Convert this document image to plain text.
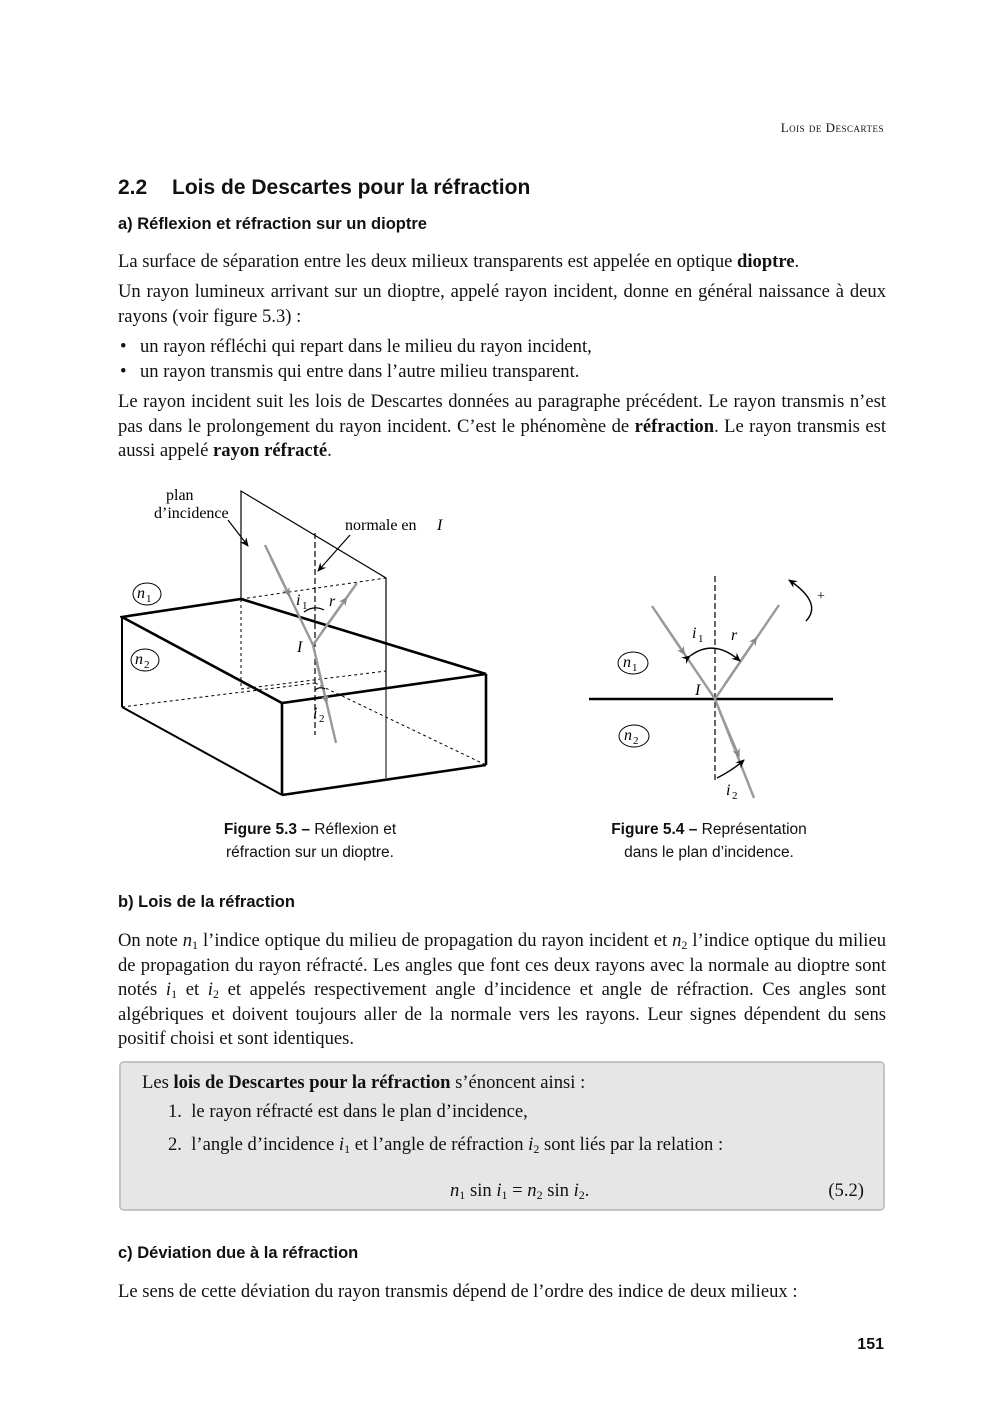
Lois de Descartes
2.2 Lois de Descartes pour la réfraction
a) Réflexion et réfraction sur un dioptre
La surface de séparation entre les deux milieux transparents est appelée en optique dioptre.
Un rayon lumineux arrivant sur un dioptre, appelé rayon incident, donne en général naissance à deux rayons (voir figure 5.3) :
• un rayon réfléchi qui repart dans le milieu du rayon incident,
• un rayon transmis qui entre dans l’autre milieu transparent.
Le rayon incident suit les lois de Descartes données au paragraphe précédent. Le rayon transmis n’est pas dans le prolongement du rayon incident. C’est le phénomène de réfraction. Le rayon transmis est aussi appelé rayon réfracté.
plan
d’incidence
normale en I
n 1
n 2
i 1 r
I
i 2
+
i 1 r
I
n 1
n 2
i 2
Figure 5.3 – Réflexion et
réfraction sur un dioptre.
Figure 5.4 – Représentation
dans le plan d’incidence.
b) Lois de la réfraction
On note $n_1$ l’indice optique du milieu de propagation du rayon incident et $n_2$ l’indice optique du milieu de propagation du rayon réfracté. Les angles que font ces deux rayons avec la normale au dioptre sont notés $i_1$ et $i_2$ et appelés respectivement angle d’incidence et angle de réfraction. Ces angles sont algébriques et doivent toujours aller de la normale vers les rayons. Leur signes dépendent du sens positif choisi et sont identiques.
Les lois de Descartes pour la réfraction s’énoncent ainsi :
1.  le rayon réfracté est dans le plan d’incidence,
2.  l’angle d’incidence $i_1$ et l’angle de réfraction $i_2$ sont liés par la relation :
$n_1$ $\sin i_1 = n_2$ $\sin i_2$.	(5.2)
c) Déviation due à la réfraction
Le sens de cette déviation du rayon transmis dépend de l’ordre des indice de deux milieux :
151
